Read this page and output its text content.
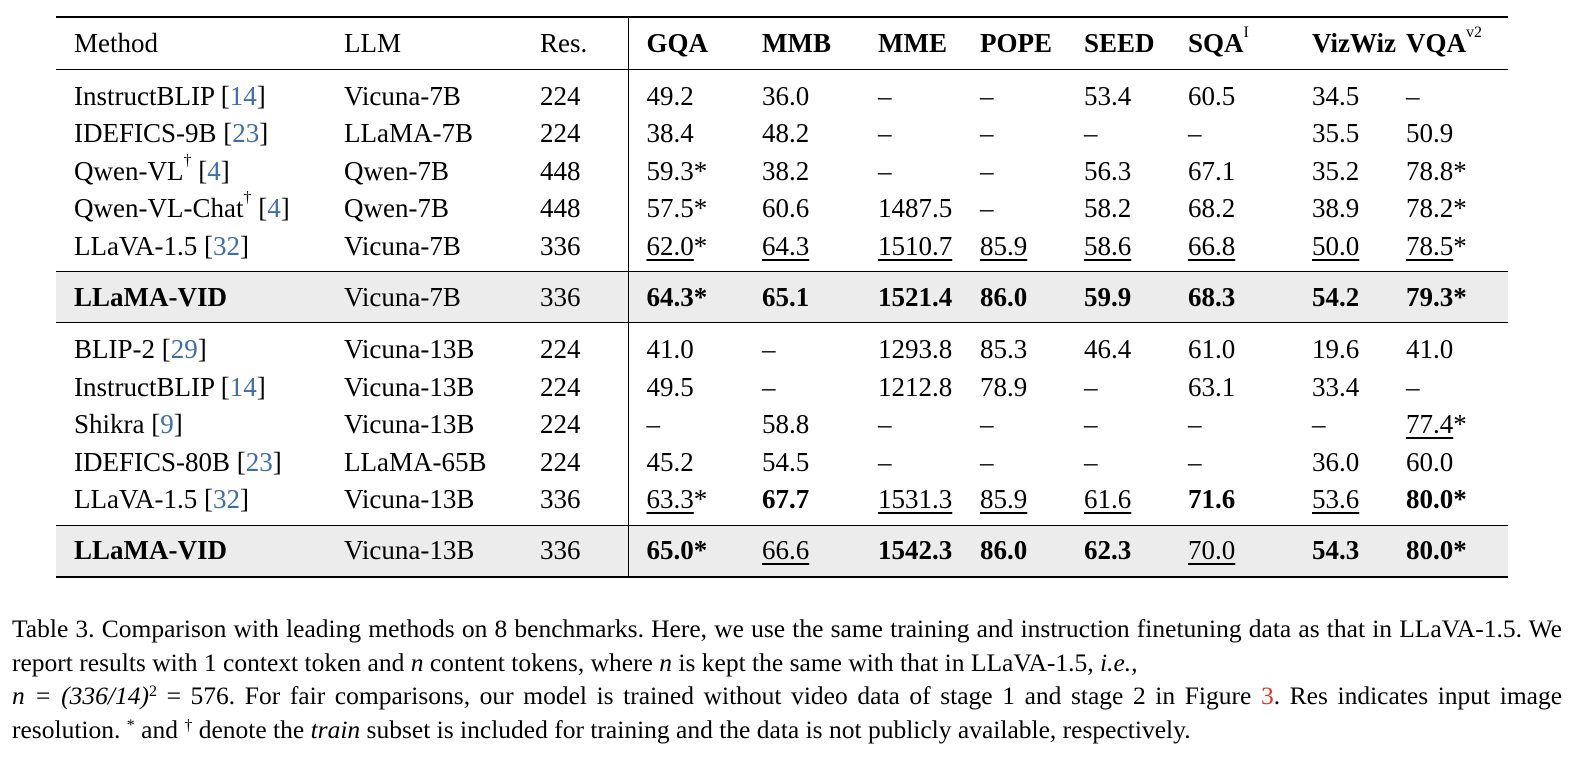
Method	LLM	Res.	GQA	MMB	MME	POPE	SEED	$SQA^I$	VizWiz	$VQA^{v2}$
InstructBLIP [14]	Vicuna-7B	224	49.2	36.0	–	–	53.4	60.5	34.5	–
IDEFICS-9B [23]	LLaMA-7B	224	38.4	48.2	–	–	–	–	35.5	50.9
Qwen-VL† [4]	Qwen-7B	448	59.3*	38.2	–	–	56.3	67.1	35.2	78.8*
Qwen-VL-Chat† [4]	Qwen-7B	448	57.5*	60.6	1487.5	–	58.2	68.2	38.9	78.2*
LLaVA-1.5 [32]	Vicuna-7B	336	62.0*	64.3	1510.7	85.9	58.6	66.8	50.0	78.5*
LLaMA-VID	Vicuna-7B	336	64.3*	65.1	1521.4	86.0	59.9	68.3	54.2	79.3*
BLIP-2 [29]	Vicuna-13B	224	41.0	–	1293.8	85.3	46.4	61.0	19.6	41.0
InstructBLIP [14]	Vicuna-13B	224	49.5	–	1212.8	78.9	–	63.1	33.4	–
Shikra [9]	Vicuna-13B	224	–	58.8	–	–	–	–	–	77.4*
IDEFICS-80B [23]	LLaMA-65B	224	45.2	54.5	–	–	–	–	36.0	60.0
LLaVA-1.5 [32]	Vicuna-13B	336	63.3*	67.7	1531.3	85.9	61.6	71.6	53.6	80.0*
LLaMA-VID	Vicuna-13B	336	65.0*	66.6	1542.3	86.0	62.3	70.0	54.3	80.0*

Table 3. Comparison with leading methods on 8 benchmarks. Here, we use the same training and instruction finetuning data as that in LLaVA-1.5. We report results with 1 context token and n content tokens, where n is kept the same with that in LLaVA-1.5, i.e.,
$n = (336/14)^2 = 576$. For fair comparisons, our model is trained without video data of stage 1 and stage 2 in Figure 3. Res indicates input image resolution. * and † denote the train subset is included for training and the data is not publicly available, respectively.
